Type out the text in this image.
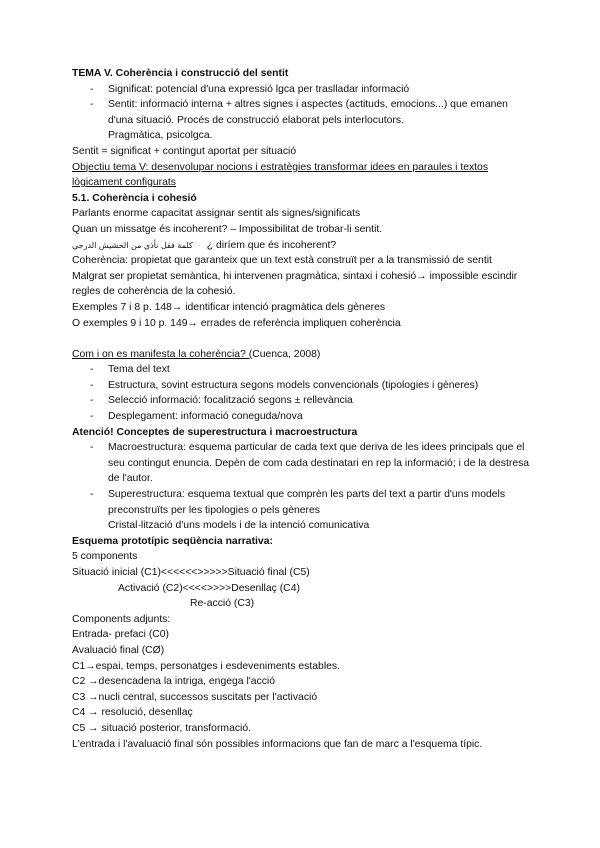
TEMA V. Coherència i construcció del sentit
- Significat: potencial d'una expressió lgca per traslladar informació
- Sentit: informació interna + altres signes i aspectes (actituds, emocions...) que emanen d'una situació. Procés de construcció elaborat pels interlocutors.
Pragmàtica, psicolgca.
Sentit = significat + contingut aportat per situació
Objectiu tema V: desenvolupar nocions i estratègies transformar idees en paraules i textos lògicament configurats
5.1. Coherència i cohesió
Parlants enorme capacitat assignar sentit als signes/significats
Quan un missatge és incoherent? – Impossibilitat de trobar-li sentit.
كلمة فقل نأذي من الحشيش الدرجي ¿ diríem que és incoherent?
Coherència: propietat que garanteix que un text està construït per a la transmissió de sentit
Malgrat ser propietat semàntica, hi intervenen pragmàtica, sintaxi i cohesió→ impossible escindir regles de coherència de la cohesió.
Exemples 7 i 8 p. 148→ identificar intenció pragmàtica dels gèneres
O exemples 9 i 10 p. 149→ errades de referència impliquen coherència
Com i on es manifesta la coherència? (Cuenca, 2008)
- Tema del text
- Estructura, sovint estructura segons models convencionals (tipologies i gèneres)
- Selecció informació: focalització segons ± rellevància
- Desplegament: informació coneguda/nova
Atenció! Conceptes de superestructura i macroestructura
- Macroestructura: esquema particular de cada text que deriva de les idees principals que el seu contingut enuncia. Depèn de com cada destinatari en rep la informació; i de la destresa de l'autor.
- Superestructura: esquema textual que comprèn les parts del text a partir d'uns models preconstruïts per les tipologies o pels gèneres
Cristal·lització d'uns models i de la intenció comunicativa
Esquema prototípic seqüència narrativa:
5 components
Situació inicial (C1)<<<<<<>>>>>Situació final (C5)
Activació (C2)<<<<>>>>Desenllaç (C4)
Re-acció (C3)
Components adjunts:
Entrada- prefaci (C0)
Avaluació final (CØ)
C1→espai, temps, personatges i esdeveniments estables.
C2 →desencadena la intriga, engega l'acció
C3 →nucli central, successos suscitats per l'activació
C4 → resolució, desenllaç
C5 → situació posterior, transformació.
L'entrada i l'avaluació final són possibles informacions que fan de marc a l'esquema típic.
